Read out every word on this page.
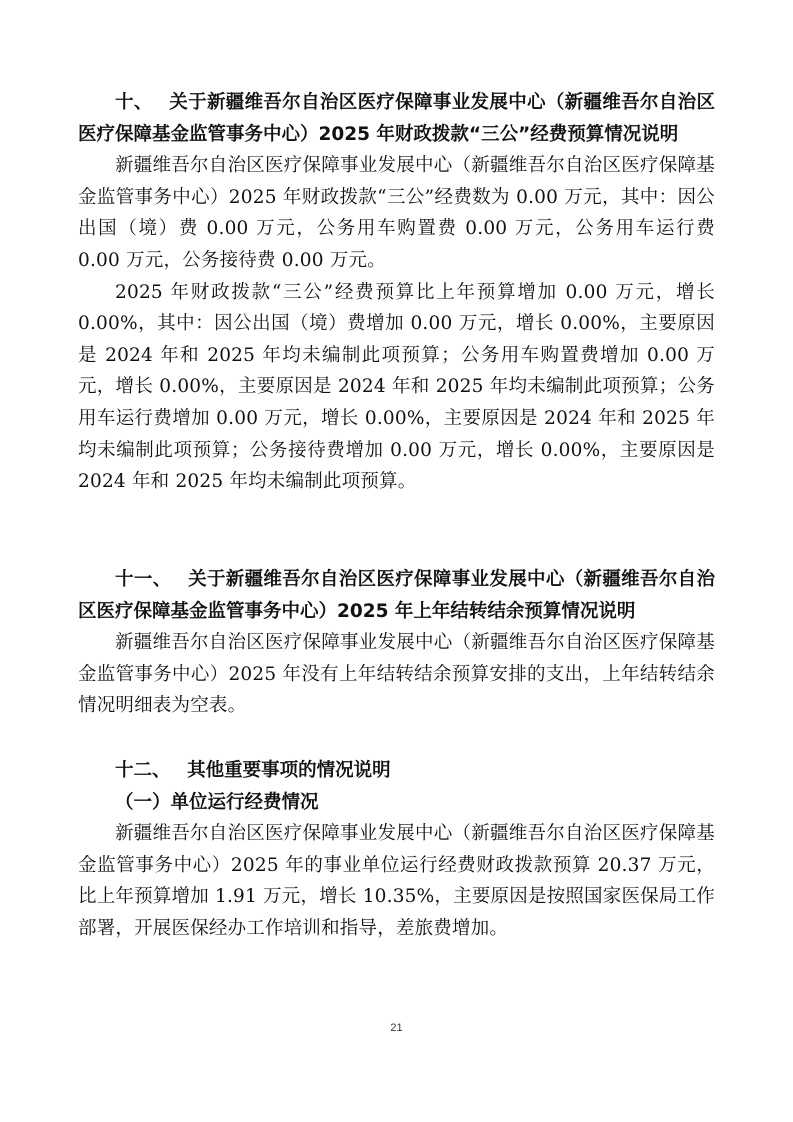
十、 关于新疆维吾尔自治区医疗保障事业发展中心（新疆维吾尔自治区医疗保障基金监管事务中心）2025 年财政拨款“三公”经费预算情况说明

新疆维吾尔自治区医疗保障事业发展中心（新疆维吾尔自治区医疗保障基金监管事务中心）2025 年财政拨款“三公”经费数为 0.00 万元，其中：因公出国（境）费 0.00 万元，公务用车购置费 0.00 万元，公务用车运行费 0.00 万元，公务接待费 0.00 万元。

2025 年财政拨款“三公”经费预算比上年预算增加 0.00 万元，增长 0.00%，其中：因公出国（境）费增加 0.00 万元，增长 0.00%，主要原因是 2024 年和 2025 年均未编制此项预算；公务用车购置费增加 0.00 万元，增长 0.00%，主要原因是 2024 年和 2025 年均未编制此项预算；公务用车运行费增加 0.00 万元，增长 0.00%，主要原因是 2024 年和 2025 年均未编制此项预算；公务接待费增加 0.00 万元，增长 0.00%，主要原因是 2024 年和 2025 年均未编制此项预算。

十一、 关于新疆维吾尔自治区医疗保障事业发展中心（新疆维吾尔自治区医疗保障基金监管事务中心）2025 年上年结转结余预算情况说明

新疆维吾尔自治区医疗保障事业发展中心（新疆维吾尔自治区医疗保障基金监管事务中心）2025 年没有上年结转结余预算安排的支出，上年结转结余情况明细表为空表。

十二、 其他重要事项的情况说明

（一）单位运行经费情况

新疆维吾尔自治区医疗保障事业发展中心（新疆维吾尔自治区医疗保障基金监管事务中心）2025 年的事业单位运行经费财政拨款预算 20.37 万元，比上年预算增加 1.91 万元，增长 10.35%，主要原因是按照国家医保局工作部署，开展医保经办工作培训和指导，差旅费增加。

21
